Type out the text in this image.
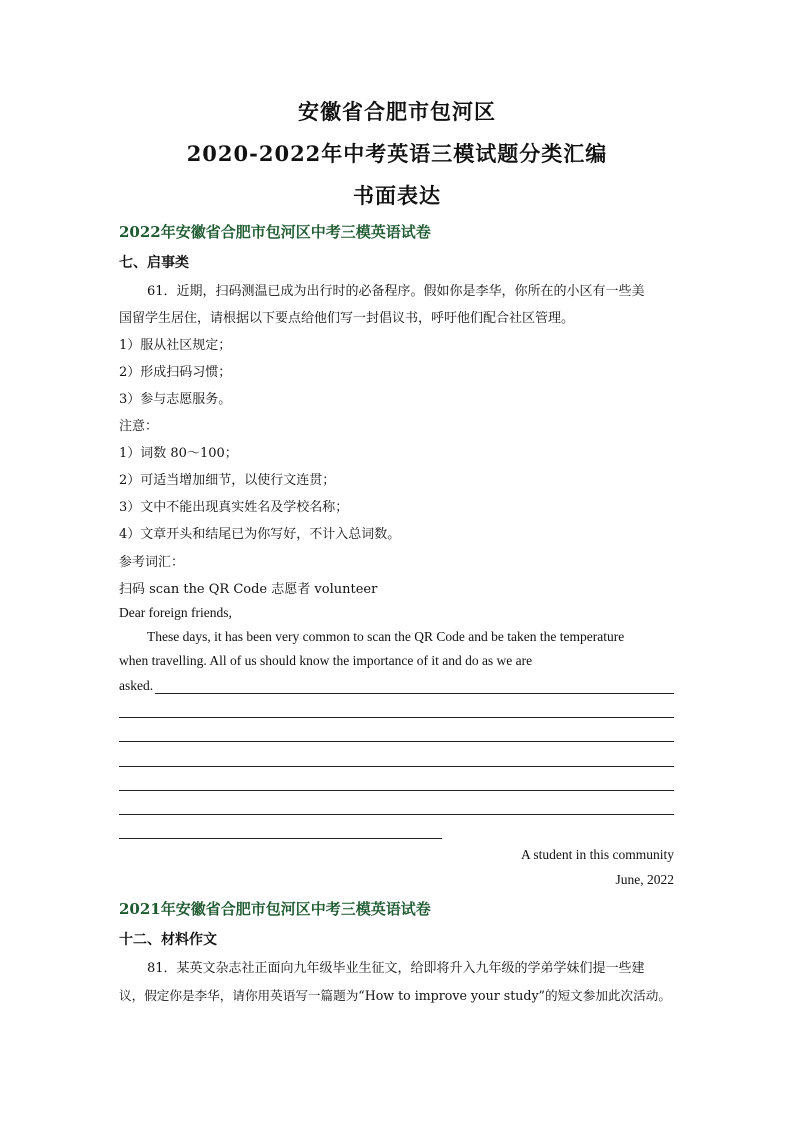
安徽省合肥市包河区
2020-2022年中考英语三模试题分类汇编
书面表达
2022年安徽省合肥市包河区中考三模英语试卷
七、启事类
61．近期，扫码测温已成为出行时的必备程序。假如你是李华，你所在的小区有一些美
国留学生居住，请根据以下要点给他们写一封倡议书，呼吁他们配合社区管理。
1）服从社区规定；
2）形成扫码习惯；
3）参与志愿服务。
注意：
1）词数 80～100；
2）可适当增加细节，以使行文连贯；
3）文中不能出现真实姓名及学校名称；
4）文章开头和结尾已为你写好，不计入总词数。
参考词汇：
扫码 scan the QR Code 志愿者 volunteer
Dear foreign friends,
These days, it has been very common to scan the QR Code and be taken the temperature
when travelling. All of us should know the importance of it and do as we are
asked.
A student in this community
June, 2022
2021年安徽省合肥市包河区中考三模英语试卷
十二、材料作文
81．某英文杂志社正面向九年级毕业生征文，给即将升入九年级的学弟学妹们提一些建
议，假定你是李华，请你用英语写一篇题为“How to improve your study”的短文参加此次活动。
